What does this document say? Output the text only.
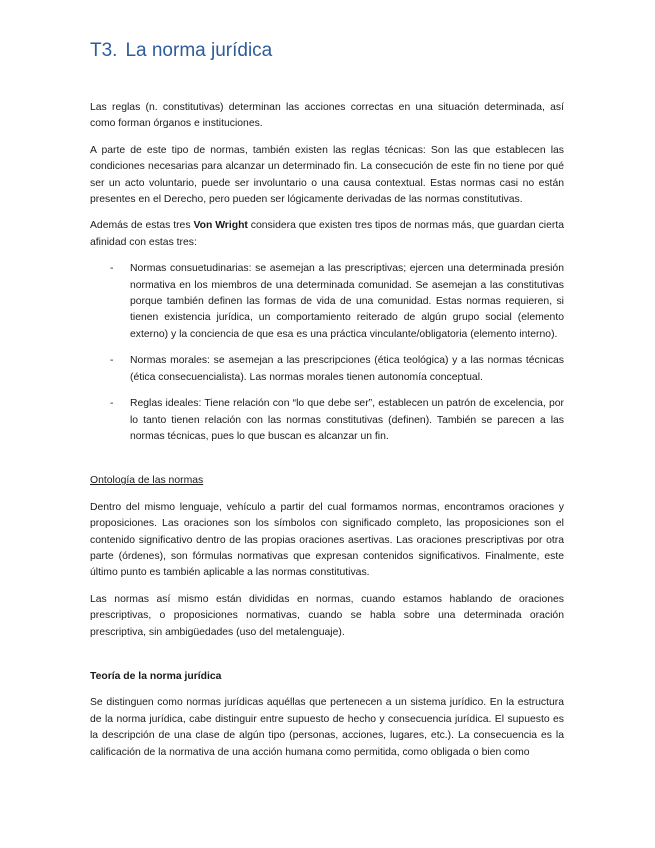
T3. La norma jurídica

Las reglas (n. constitutivas) determinan las acciones correctas en una situación determinada, así como forman órganos e instituciones.

A parte de este tipo de normas, también existen las reglas técnicas: Son las que establecen las condiciones necesarias para alcanzar un determinado fin. La consecución de este fin no tiene por qué ser un acto voluntario, puede ser involuntario o una causa contextual. Estas normas casi no están presentes en el Derecho, pero pueden ser lógicamente derivadas de las normas constitutivas.

Además de estas tres Von Wright considera que existen tres tipos de normas más, que guardan cierta afinidad con estas tres:

- Normas consuetudinarias: se asemejan a las prescriptivas; ejercen una determinada presión normativa en los miembros de una determinada comunidad. Se asemejan a las constitutivas porque también definen las formas de vida de una comunidad. Estas normas requieren, si tienen existencia jurídica, un comportamiento reiterado de algún grupo social (elemento externo) y la conciencia de que esa es una práctica vinculante/obligatoria (elemento interno).
- Normas morales: se asemejan a las prescripciones (ética teológica) y a las normas técnicas (ética consecuencialista). Las normas morales tienen autonomía conceptual.
- Reglas ideales: Tiene relación con “lo que debe ser”, establecen un patrón de excelencia, por lo tanto tienen relación con las normas constitutivas (definen). También se parecen a las normas técnicas, pues lo que buscan es alcanzar un fin.

Ontología de las normas

Dentro del mismo lenguaje, vehículo a partir del cual formamos normas, encontramos oraciones y proposiciones. Las oraciones son los símbolos con significado completo, las proposiciones son el contenido significativo dentro de las propias oraciones asertivas. Las oraciones prescriptivas por otra parte (órdenes), son fórmulas normativas que expresan contenidos significativos. Finalmente, este último punto es también aplicable a las normas constitutivas.

Las normas así mismo están divididas en normas, cuando estamos hablando de oraciones prescriptivas, o proposiciones normativas, cuando se habla sobre una determinada oración prescriptiva, sin ambigüedades (uso del metalenguaje).

Teoría de la norma jurídica

Se distinguen como normas jurídicas aquéllas que pertenecen a un sistema jurídico. En la estructura de la norma jurídica, cabe distinguir entre supuesto de hecho y consecuencia jurídica. El supuesto es la descripción de una clase de algún tipo (personas, acciones, lugares, etc.). La consecuencia es la calificación de la normativa de una acción humana como permitida, como obligada o bien como
